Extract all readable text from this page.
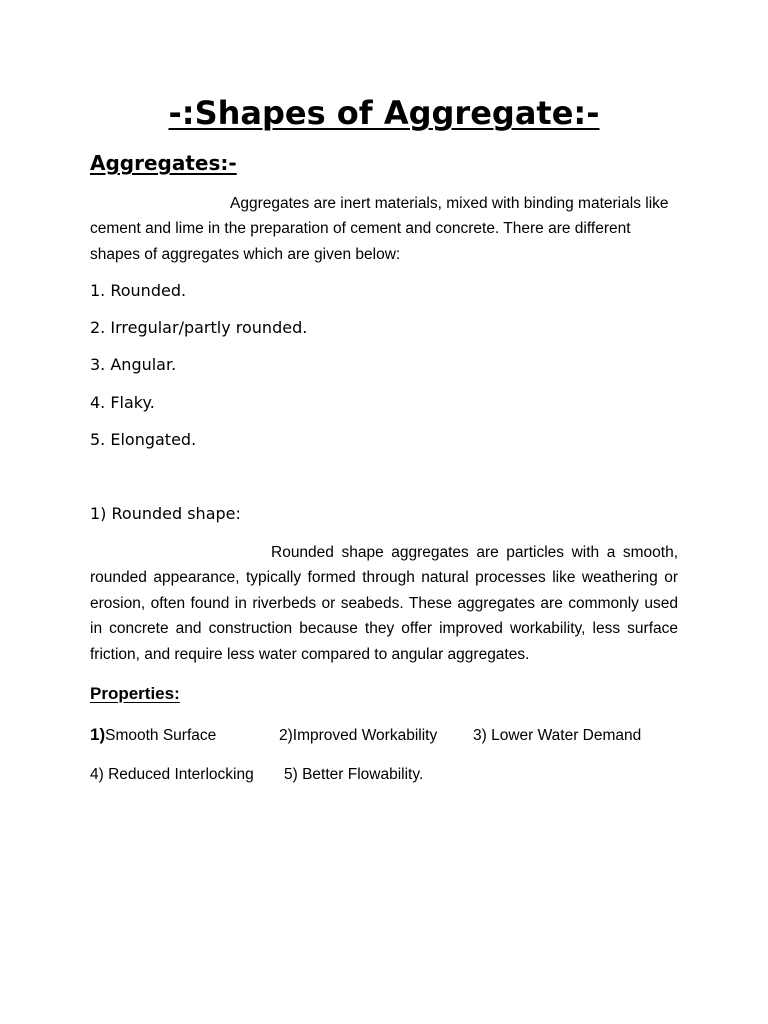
-:Shapes of Aggregate:-
Aggregates:-

Aggregates are inert materials, mixed with binding materials like cement and lime in the preparation of cement and concrete. There are different shapes of aggregates which are given below:

1. Rounded.
2. Irregular/partly rounded.
3. Angular.
4. Flaky.
5. Elongated.
1) Rounded shape:

Rounded shape aggregates are particles with a smooth, rounded appearance, typically formed through natural processes like weathering or erosion, often found in riverbeds or seabeds. These aggregates are commonly used in concrete and construction because they offer improved workability, less surface friction, and require less water compared to angular aggregates.

Properties:
1)Smooth Surface	2)Improved Workability 3) Lower Water Demand
4) Reduced Interlocking 5) Better Flowability.
